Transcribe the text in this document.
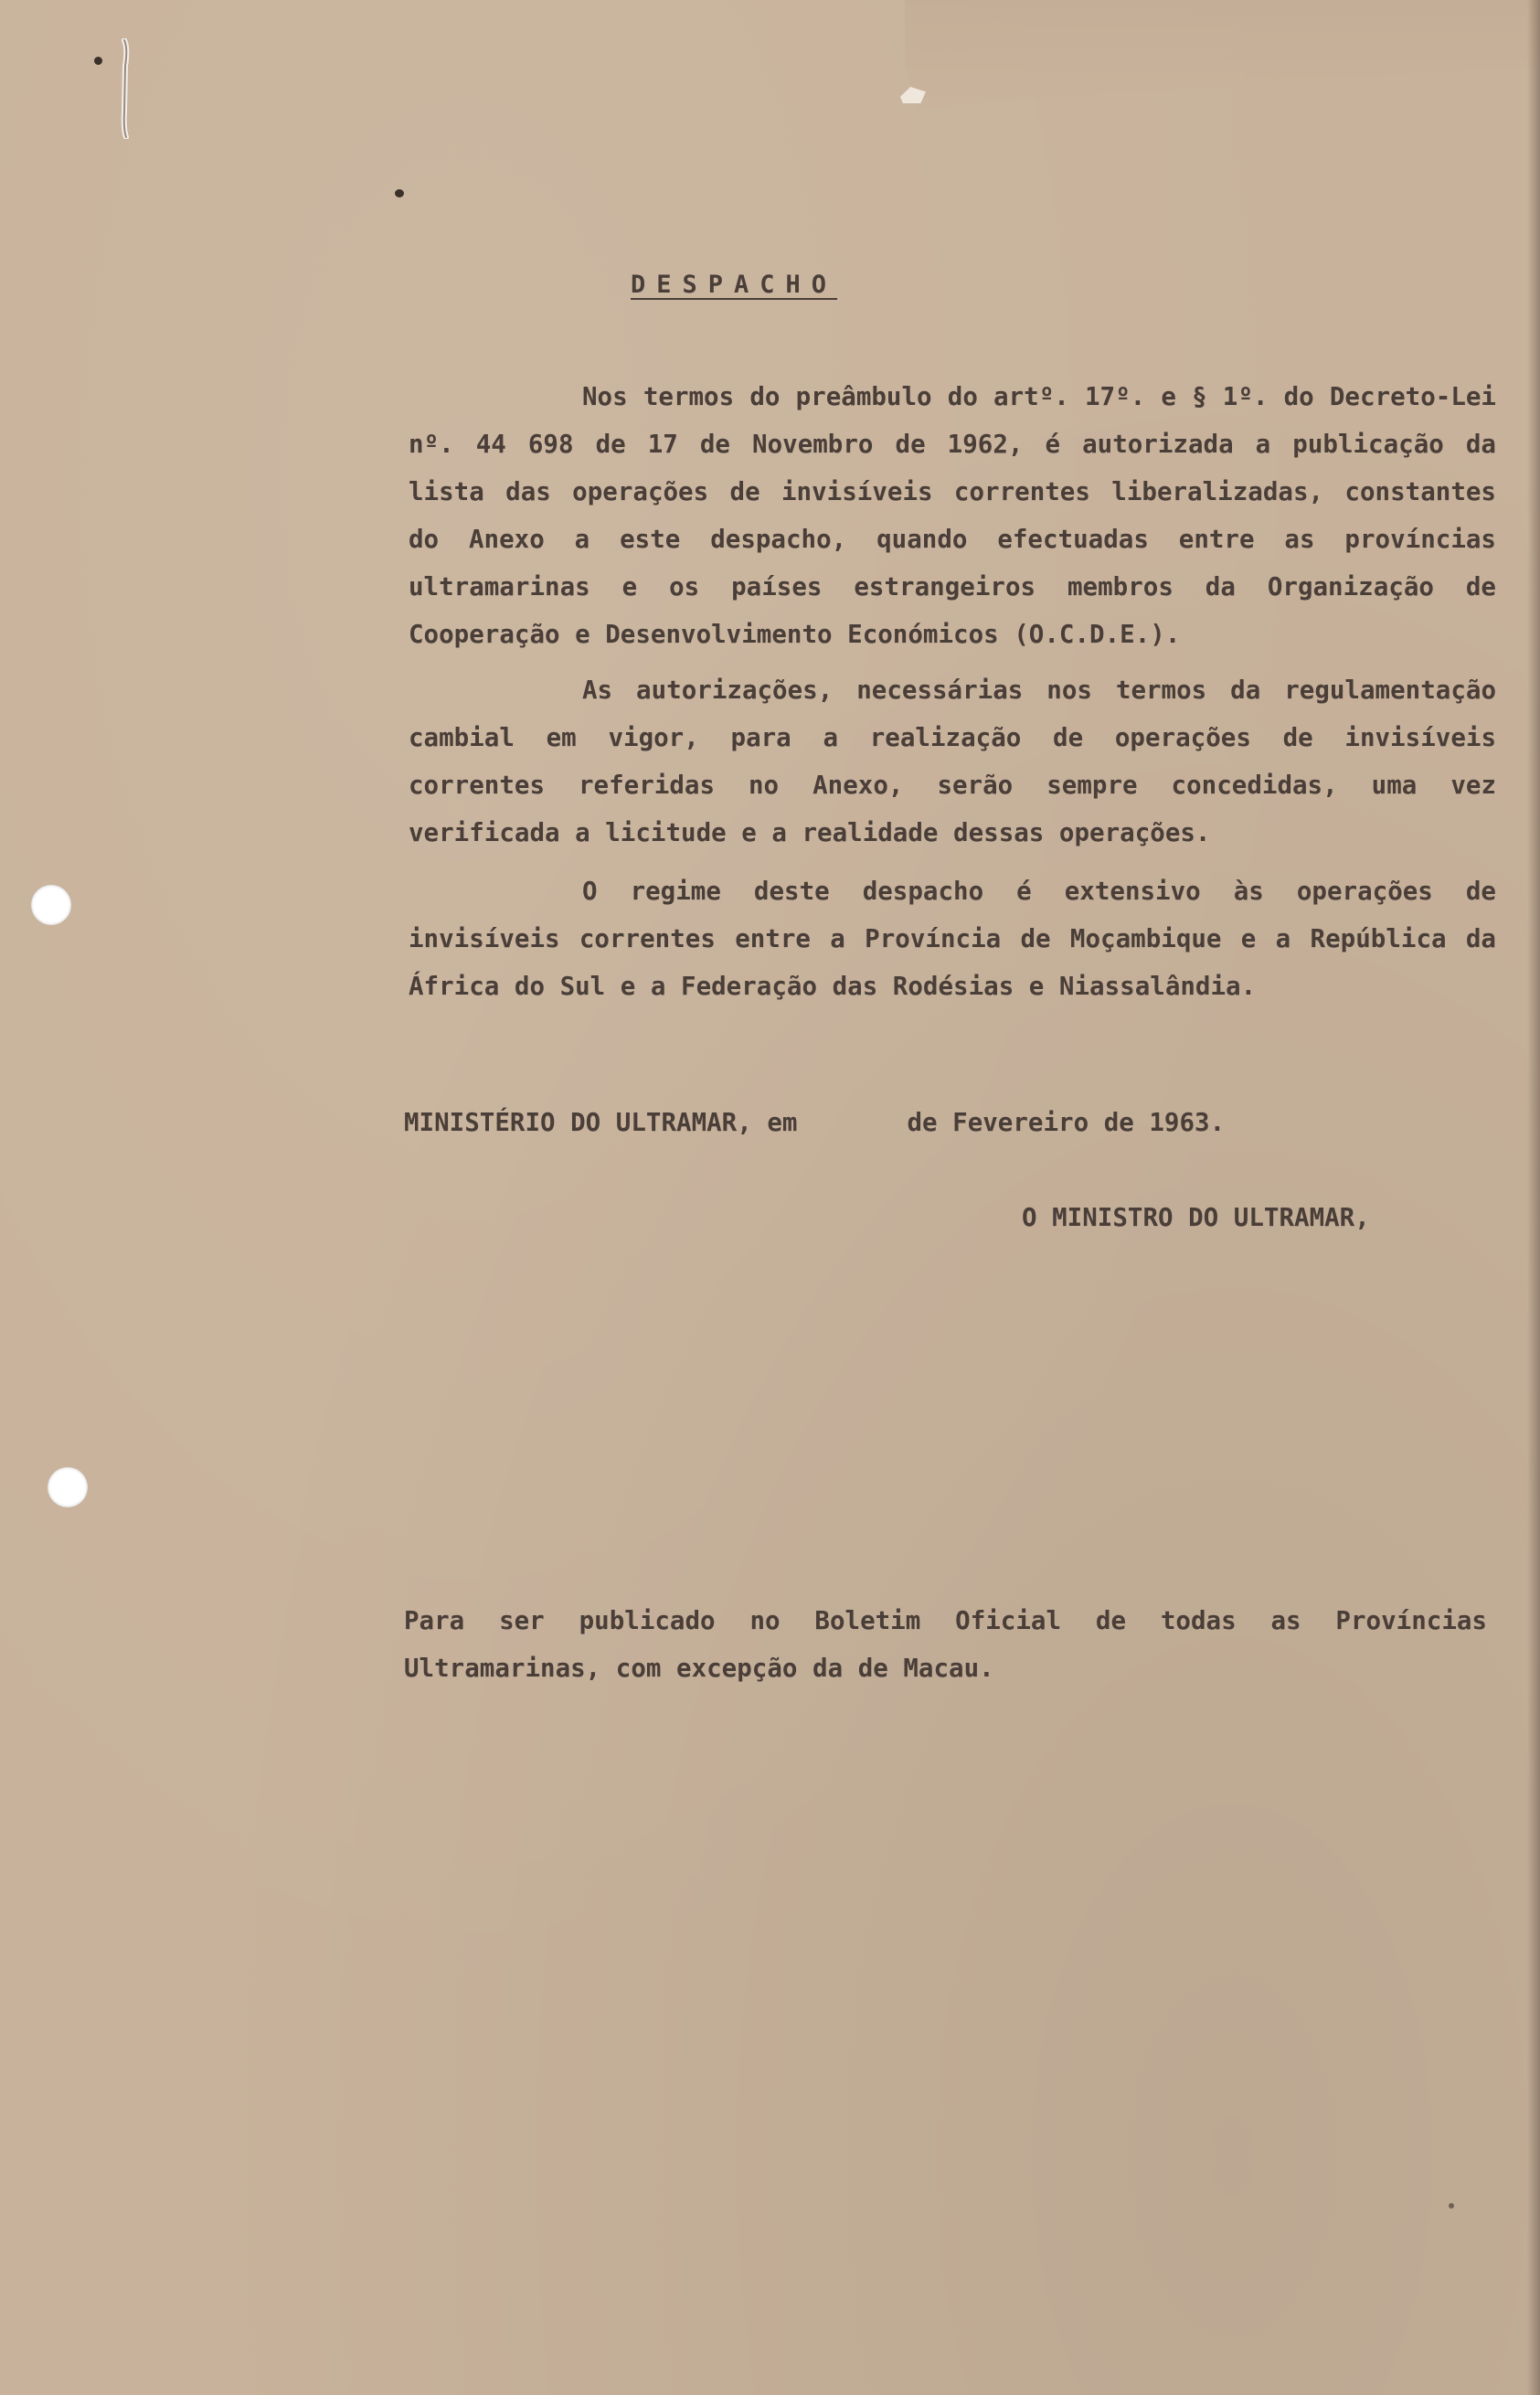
DESPACHO

Nos termos do preâmbulo do artº. 17º. e § 1º. do Decreto-Lei nº. 44 698 de 17 de Novembro de 1962, é autorizada a publicação da lista das operações de invisíveis correntes liberalizadas, constantes do Anexo a este despacho, quando efectuadas entre as províncias ultramarinas e os países estrangeiros membros da Organização de Cooperação e Desenvolvimento Económicos (O.C.D.E.).

As autorizações, necessárias nos termos da regulamentação cambial em vigor, para a realização de operações de invisíveis correntes referidas no Anexo, serão sempre concedidas, uma vez verificada a licitude e a realidade dessas operações.

O regime deste despacho é extensivo às operações de invisíveis correntes entre a Província de Moçambique e a República da África do Sul e a Federação das Rodésias e Niassalândia.

MINISTÉRIO DO ULTRAMAR, em	de Fevereiro de 1963.
O MINISTRO DO ULTRAMAR,

Para ser publicado no Boletim Oficial de todas as Províncias Ultramarinas, com excepção da de Macau.
